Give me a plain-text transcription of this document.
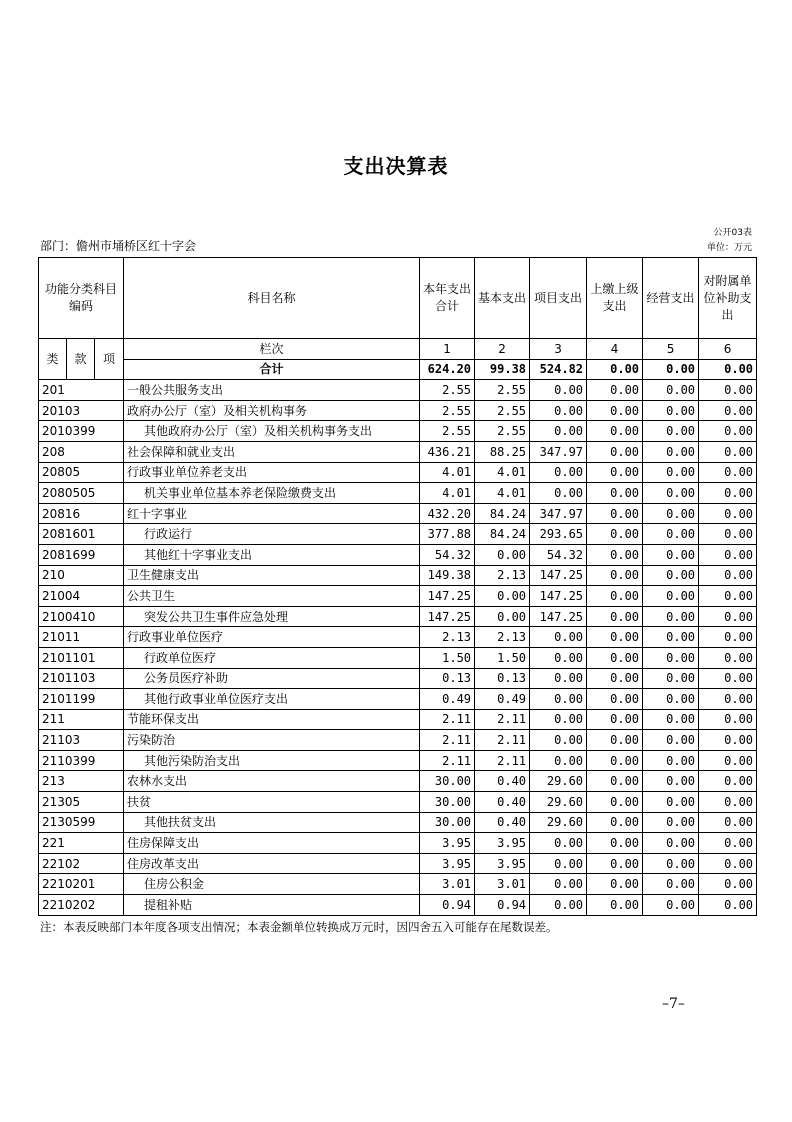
支出决算表
公开03表
部门：儋州市埇桥区红十字会	单位：万元
功能分类科目编码			科目名称	本年支出合计	基本支出	项目支出	上缴上级支出	经营支出	对附属单位补助支出
类	款	项	栏次	1	2	3	4	5	6
			合计	624.20	99.38	524.82	0.00	0.00	0.00
201			一般公共服务支出	2.55	2.55	0.00	0.00	0.00	0.00
20103			政府办公厅（室）及相关机构事务	2.55	2.55	0.00	0.00	0.00	0.00
2010399			其他政府办公厅（室）及相关机构事务支出	2.55	2.55	0.00	0.00	0.00	0.00
208			社会保障和就业支出	436.21	88.25	347.97	0.00	0.00	0.00
20805			行政事业单位养老支出	4.01	4.01	0.00	0.00	0.00	0.00
2080505			机关事业单位基本养老保险缴费支出	4.01	4.01	0.00	0.00	0.00	0.00
20816			红十字事业	432.20	84.24	347.97	0.00	0.00	0.00
2081601			行政运行	377.88	84.24	293.65	0.00	0.00	0.00
2081699			其他红十字事业支出	54.32	0.00	54.32	0.00	0.00	0.00
210			卫生健康支出	149.38	2.13	147.25	0.00	0.00	0.00
21004			公共卫生	147.25	0.00	147.25	0.00	0.00	0.00
2100410			突发公共卫生事件应急处理	147.25	0.00	147.25	0.00	0.00	0.00
21011			行政事业单位医疗	2.13	2.13	0.00	0.00	0.00	0.00
2101101			行政单位医疗	1.50	1.50	0.00	0.00	0.00	0.00
2101103			公务员医疗补助	0.13	0.13	0.00	0.00	0.00	0.00
2101199			其他行政事业单位医疗支出	0.49	0.49	0.00	0.00	0.00	0.00
211			节能环保支出	2.11	2.11	0.00	0.00	0.00	0.00
21103			污染防治	2.11	2.11	0.00	0.00	0.00	0.00
2110399			其他污染防治支出	2.11	2.11	0.00	0.00	0.00	0.00
213			农林水支出	30.00	0.40	29.60	0.00	0.00	0.00
21305			扶贫	30.00	0.40	29.60	0.00	0.00	0.00
2130599			其他扶贫支出	30.00	0.40	29.60	0.00	0.00	0.00
221			住房保障支出	3.95	3.95	0.00	0.00	0.00	0.00
22102			住房改革支出	3.95	3.95	0.00	0.00	0.00	0.00
2210201			住房公积金	3.01	3.01	0.00	0.00	0.00	0.00
2210202			提租补贴	0.94	0.94	0.00	0.00	0.00	0.00
注：本表反映部门本年度各项支出情况；本表金额单位转换成万元时，因四舍五入可能存在尾数误差。
–7–
